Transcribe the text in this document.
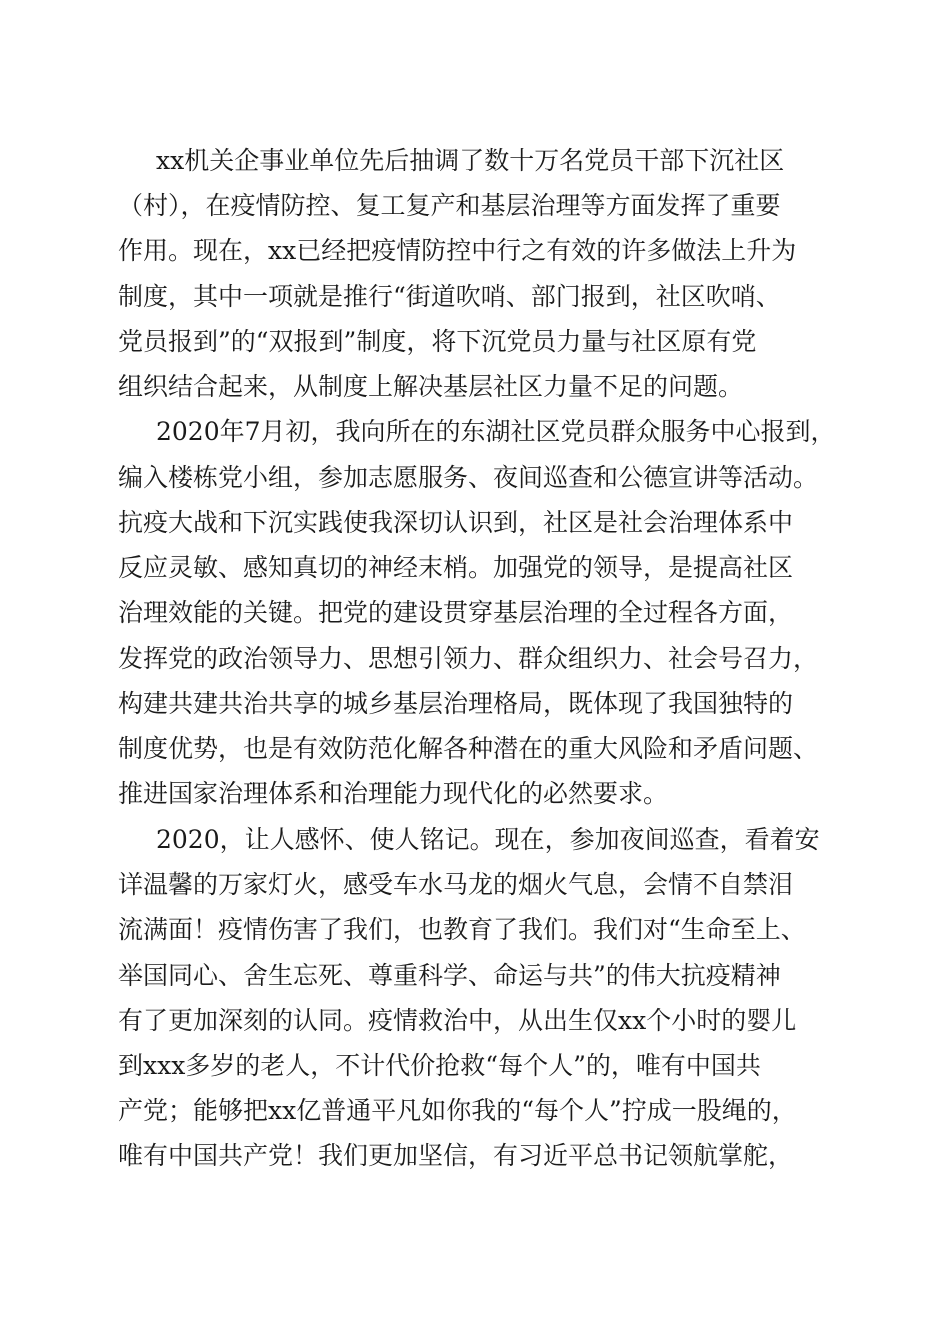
xx机关企事业单位先后抽调了数十万名党员干部下沉社区
（村），在疫情防控、复工复产和基层治理等方面发挥了重要
作用。现在，xx已经把疫情防控中行之有效的许多做法上升为
制度，其中一项就是推行“街道吹哨、部门报到，社区吹哨、
党员报到”的“双报到”制度，将下沉党员力量与社区原有党
组织结合起来，从制度上解决基层社区力量不足的问题。
2020年7月初，我向所在的东湖社区党员群众服务中心报到，
编入楼栋党小组，参加志愿服务、夜间巡查和公德宣讲等活动。
抗疫大战和下沉实践使我深切认识到，社区是社会治理体系中
反应灵敏、感知真切的神经末梢。加强党的领导，是提高社区
治理效能的关键。把党的建设贯穿基层治理的全过程各方面，
发挥党的政治领导力、思想引领力、群众组织力、社会号召力，
构建共建共治共享的城乡基层治理格局，既体现了我国独特的
制度优势，也是有效防范化解各种潜在的重大风险和矛盾问题、
推进国家治理体系和治理能力现代化的必然要求。
2020，让人感怀、使人铭记。现在，参加夜间巡查，看着安
详温馨的万家灯火，感受车水马龙的烟火气息，会情不自禁泪
流满面！疫情伤害了我们，也教育了我们。我们对“生命至上、
举国同心、舍生忘死、尊重科学、命运与共”的伟大抗疫精神
有了更加深刻的认同。疫情救治中，从出生仅xx个小时的婴儿
到xxx多岁的老人，不计代价抢救“每个人”的，唯有中国共
产党；能够把xx亿普通平凡如你我的“每个人”拧成一股绳的，
唯有中国共产党！我们更加坚信，有习近平总书记领航掌舵，
